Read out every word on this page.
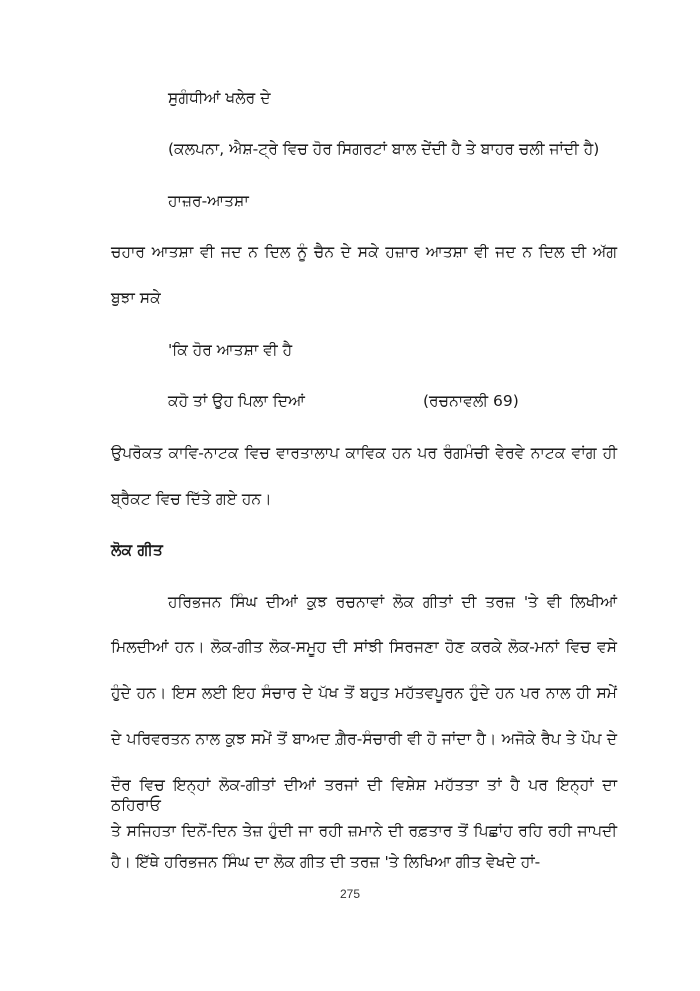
ਸੁਗੰਧੀਆਂ ਖਲੇਰ ਦੇ
(ਕਲਪਨਾ, ਐਸ਼-ਟ੍ਰੇ ਵਿਚ ਹੋਰ ਸਿਗਰਟਾਂ ਬਾਲ ਦੇਂਦੀ ਹੈ ਤੇ ਬਾਹਰ ਚਲੀ ਜਾਂਦੀ ਹੈ)
ਹਾਜ਼ਰ-ਆਤਸ਼ਾ
ਚਹਾਰ ਆਤਸ਼ਾ ਵੀ ਜਦ ਨ ਦਿਲ ਨੂੰ ਚੈਨ ਦੇ ਸਕੇ ਹਜ਼ਾਰ ਆਤਸ਼ਾ ਵੀ ਜਦ ਨ ਦਿਲ ਦੀ ਅੱਗ
ਬੁਝਾ ਸਕੇ
'ਕਿ ਹੋਰ ਆਤਸ਼ਾ ਵੀ ਹੈ
ਕਹੋ ਤਾਂ ਉਹ ਪਿਲਾ ਦਿਆਂ	(ਰਚਨਾਵਲੀ 69)
ਉਪਰੋਕਤ ਕਾਵਿ-ਨਾਟਕ ਵਿਚ ਵਾਰਤਾਲਾਪ ਕਾਵਿਕ ਹਨ ਪਰ ਰੰਗਮੰਚੀ ਵੇਰਵੇ ਨਾਟਕ ਵਾਂਗ ਹੀ
ਬ੍ਰੈਕਟ ਵਿਚ ਦਿੱਤੇ ਗਏ ਹਨ।
ਲੋਕ ਗੀਤ
ਹਰਿਭਜਨ ਸਿੰਘ ਦੀਆਂ ਕੁਝ ਰਚਨਾਵਾਂ ਲੋਕ ਗੀਤਾਂ ਦੀ ਤਰਜ਼ 'ਤੇ ਵੀ ਲਿਖੀਆਂ
ਮਿਲਦੀਆਂ ਹਨ। ਲੋਕ-ਗੀਤ ਲੋਕ-ਸਮੂਹ ਦੀ ਸਾਂਝੀ ਸਿਰਜਣਾ ਹੋਣ ਕਰਕੇ ਲੋਕ-ਮਨਾਂ ਵਿਚ ਵਸੇ
ਹੁੰਦੇ ਹਨ। ਇਸ ਲਈ ਇਹ ਸੰਚਾਰ ਦੇ ਪੱਖ ਤੋਂ ਬਹੁਤ ਮਹੱਤਵਪੂਰਨ ਹੁੰਦੇ ਹਨ ਪਰ ਨਾਲ ਹੀ ਸਮੇਂ
ਦੇ ਪਰਿਵਰਤਨ ਨਾਲ ਕੁਝ ਸਮੇਂ ਤੋਂ ਬਾਅਦ ਗ਼ੈਰ-ਸੰਚਾਰੀ ਵੀ ਹੋ ਜਾਂਦਾ ਹੈ। ਅਜੋਕੇ ਰੈਪ ਤੇ ਪੌਪ ਦੇ
ਦੌਰ ਵਿਚ ਇਨ੍ਹਾਂ ਲੋਕ-ਗੀਤਾਂ ਦੀਆਂ ਤਰਜਾਂ ਦੀ ਵਿਸ਼ੇਸ਼ ਮਹੱਤਤਾ ਤਾਂ ਹੈ ਪਰ ਇਨ੍ਹਾਂ ਦਾ ਠਹਿਰਾਓ
ਤੇ ਸਜਿਹਤਾ ਦਿਨੋਂ-ਦਿਨ ਤੇਜ਼ ਹੁੰਦੀ ਜਾ ਰਹੀ ਜ਼ਮਾਨੇ ਦੀ ਰਫ਼ਤਾਰ ਤੋਂ ਪਿਛਾਂਹ ਰਹਿ ਰਹੀ ਜਾਪਦੀ
ਹੈ। ਇੱਥੇ ਹਰਿਭਜਨ ਸਿੰਘ ਦਾ ਲੋਕ ਗੀਤ ਦੀ ਤਰਜ਼ 'ਤੇ ਲਿਖਿਆ ਗੀਤ ਵੇਖਦੇ ਹਾਂ-
275
